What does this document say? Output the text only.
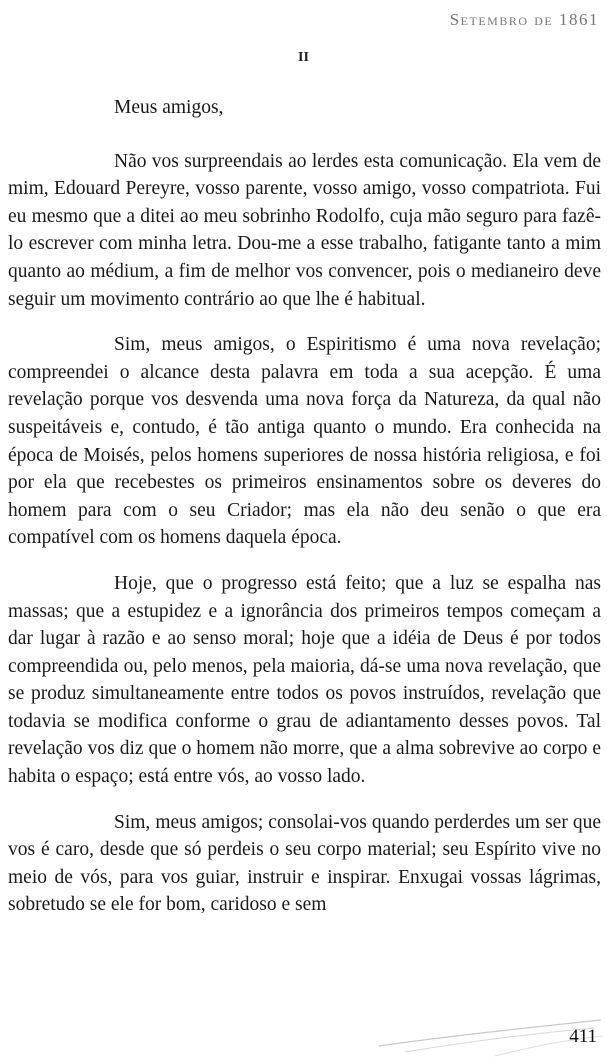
Setembro de 1861
II

Meus amigos,

Não vos surpreendais ao lerdes esta comunicação. Ela vem de mim, Edouard Pereyre, vosso parente, vosso amigo, vosso compatriota. Fui eu mesmo que a ditei ao meu sobrinho Rodolfo, cuja mão seguro para fazê-lo escrever com minha letra. Dou-me a esse trabalho, fatigante tanto a mim quanto ao médium, a fim de melhor vos convencer, pois o medianeiro deve seguir um movimento contrário ao que lhe é habitual.

Sim, meus amigos, o Espiritismo é uma nova revelação; compreendei o alcance desta palavra em toda a sua acepção. É uma revelação porque vos desvenda uma nova força da Natureza, da qual não suspeitáveis e, contudo, é tão antiga quanto o mundo. Era conhecida na época de Moisés, pelos homens superiores de nossa história religiosa, e foi por ela que recebestes os primeiros ensinamentos sobre os deveres do homem para com o seu Criador; mas ela não deu senão o que era compatível com os homens daquela época.

Hoje, que o progresso está feito; que a luz se espalha nas massas; que a estupidez e a ignorância dos primeiros tempos começam a dar lugar à razão e ao senso moral; hoje que a idéia de Deus é por todos compreendida ou, pelo menos, pela maioria, dá-se uma nova revelação, que se produz simultaneamente entre todos os povos instruídos, revelação que todavia se modifica conforme o grau de adiantamento desses povos. Tal revelação vos diz que o homem não morre, que a alma sobrevive ao corpo e habita o espaço; está entre vós, ao vosso lado.

Sim, meus amigos; consolai-vos quando perderdes um ser que vos é caro, desde que só perdeis o seu corpo material; seu Espírito vive no meio de vós, para vos guiar, instruir e inspirar. Enxugai vossas lágrimas, sobretudo se ele for bom, caridoso e sem

411
